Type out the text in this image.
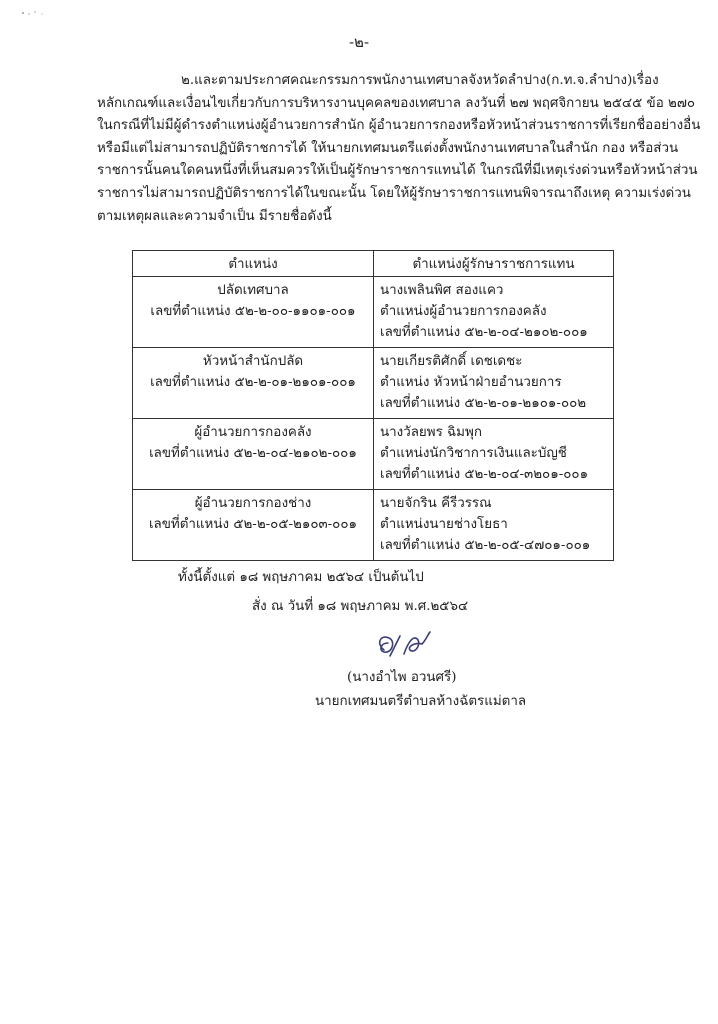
-๒-
๒.และตามประกาศคณะกรรมการพนักงานเทศบาลจังหวัดลำปาง(ก.ท.จ.ลำปาง)เรื่อง
หลักเกณฑ์และเงื่อนไขเกี่ยวกับการบริหารงานบุคคลของเทศบาล ลงวันที่ ๒๗ พฤศจิกายน ๒๕๔๕ ข้อ ๒๗๐
ในกรณีที่ไม่มีผู้ดำรงตำแหน่งผู้อำนวยการสำนัก ผู้อำนวยการกองหรือหัวหน้าส่วนราชการที่เรียกชื่ออย่างอื่น
หรือมีแต่ไม่สามารถปฏิบัติราชการได้ ให้นายกเทศมนตรีแต่งตั้งพนักงานเทศบาลในสำนัก กอง หรือส่วน
ราชการนั้นคนใดคนหนึ่งที่เห็นสมควรให้เป็นผู้รักษาราชการแทนได้ ในกรณีที่มีเหตุเร่งด่วนหรือหัวหน้าส่วน
ราชการไม่สามารถปฏิบัติราชการได้ในขณะนั้น โดยให้ผู้รักษาราชการแทนพิจารณาถึงเหตุ ความเร่งด่วน
ตามเหตุผลและความจำเป็น มีรายชื่อดังนี้
ตำแหน่ง	ตำแหน่งผู้รักษาราชการแทน

ปลัดเทศบาล
เลขที่ตำแหน่ง ๕๒-๒-๐๐-๑๑๐๑-๐๐๑	นางเพลินพิศ สองแคว
ตำแหน่งผู้อำนวยการกองคลัง
เลขที่ตำแหน่ง ๕๒-๒-๐๔-๒๑๐๒-๐๐๑

หัวหน้าสำนักปลัด
เลขที่ตำแหน่ง ๕๒-๒-๐๑-๒๑๐๑-๐๐๑	นายเกียรติศักดิ์ เดชเดชะ
ตำแหน่ง หัวหน้าฝ่ายอำนวยการ
เลขที่ตำแหน่ง ๕๒-๒-๐๑-๒๑๐๑-๐๐๒

ผู้อำนวยการกองคลัง
เลขที่ตำแหน่ง ๕๒-๒-๐๔-๒๑๐๒-๐๐๑	นางวัลยพร ฉิมพุก
ตำแหน่งนักวิชาการเงินและบัญชี
เลขที่ตำแหน่ง ๕๒-๒-๐๔-๓๒๐๑-๐๐๑

ผู้อำนวยการกองช่าง
เลขที่ตำแหน่ง ๕๒-๒-๐๕-๒๑๐๓-๐๐๑	นายจักริน คีรีวรรณ
ตำแหน่งนายช่างโยธา
เลขที่ตำแหน่ง ๕๒-๒-๐๕-๔๗๐๑-๐๐๑
ทั้งนี้ตั้งแต่ ๑๘ พฤษภาคม ๒๕๖๔ เป็นต้นไป
สั่ง ณ วันที่ ๑๘ พฤษภาคม พ.ศ.๒๕๖๔
(นางอำไพ อวนศรี)
นายกเทศมนตรีตำบลห้างฉัตรแม่ตาล
